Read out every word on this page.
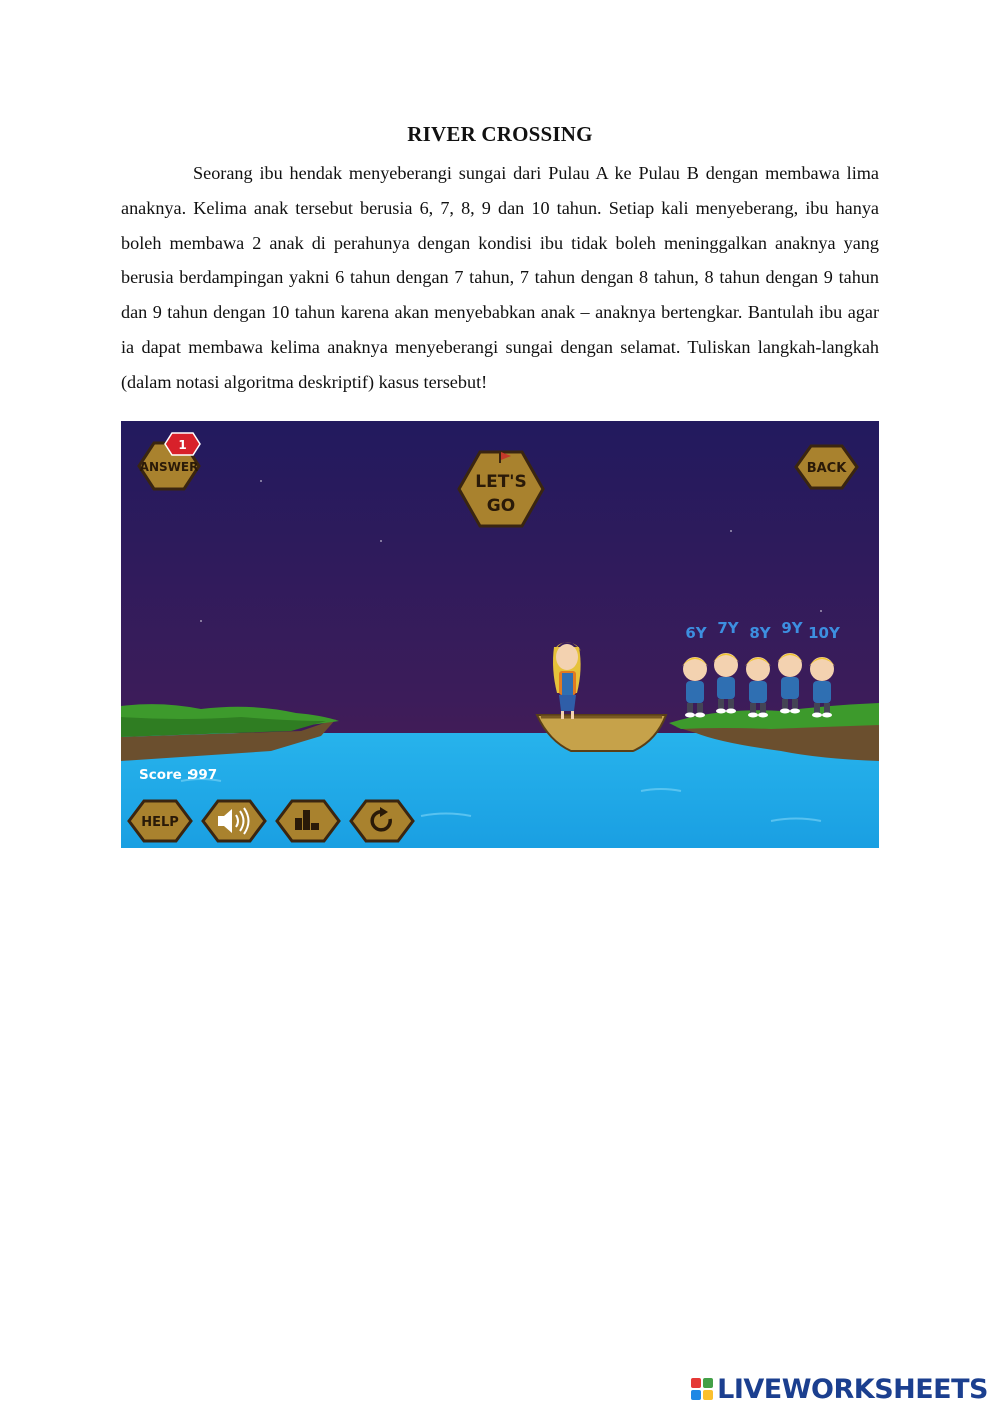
RIVER CROSSING

Seorang ibu hendak menyeberangi sungai dari Pulau A ke Pulau B dengan membawa lima anaknya. Kelima anak tersebut berusia 6, 7, 8, 9 dan 10 tahun. Setiap kali menyeberang, ibu hanya boleh membawa 2 anak di perahunya dengan kondisi ibu tidak boleh meninggalkan anaknya yang berusia berdampingan yakni 6 tahun dengan 7 tahun, 7 tahun dengan 8 tahun, 8 tahun dengan 9 tahun dan 9 tahun dengan 10 tahun karena akan menyebabkan anak – anaknya bertengkar. Bantulah ibu agar ia dapat membawa kelima anaknya menyeberangi sungai dengan selamat. Tuliskan langkah-langkah (dalam notasi algoritma deskriptif) kasus tersebut!

6Y 7Y 8Y 9Y 10Y
ANSWER
1
LET'S
GO
BACK
Score :
997
HELP
LIVEWORKSHEETS
